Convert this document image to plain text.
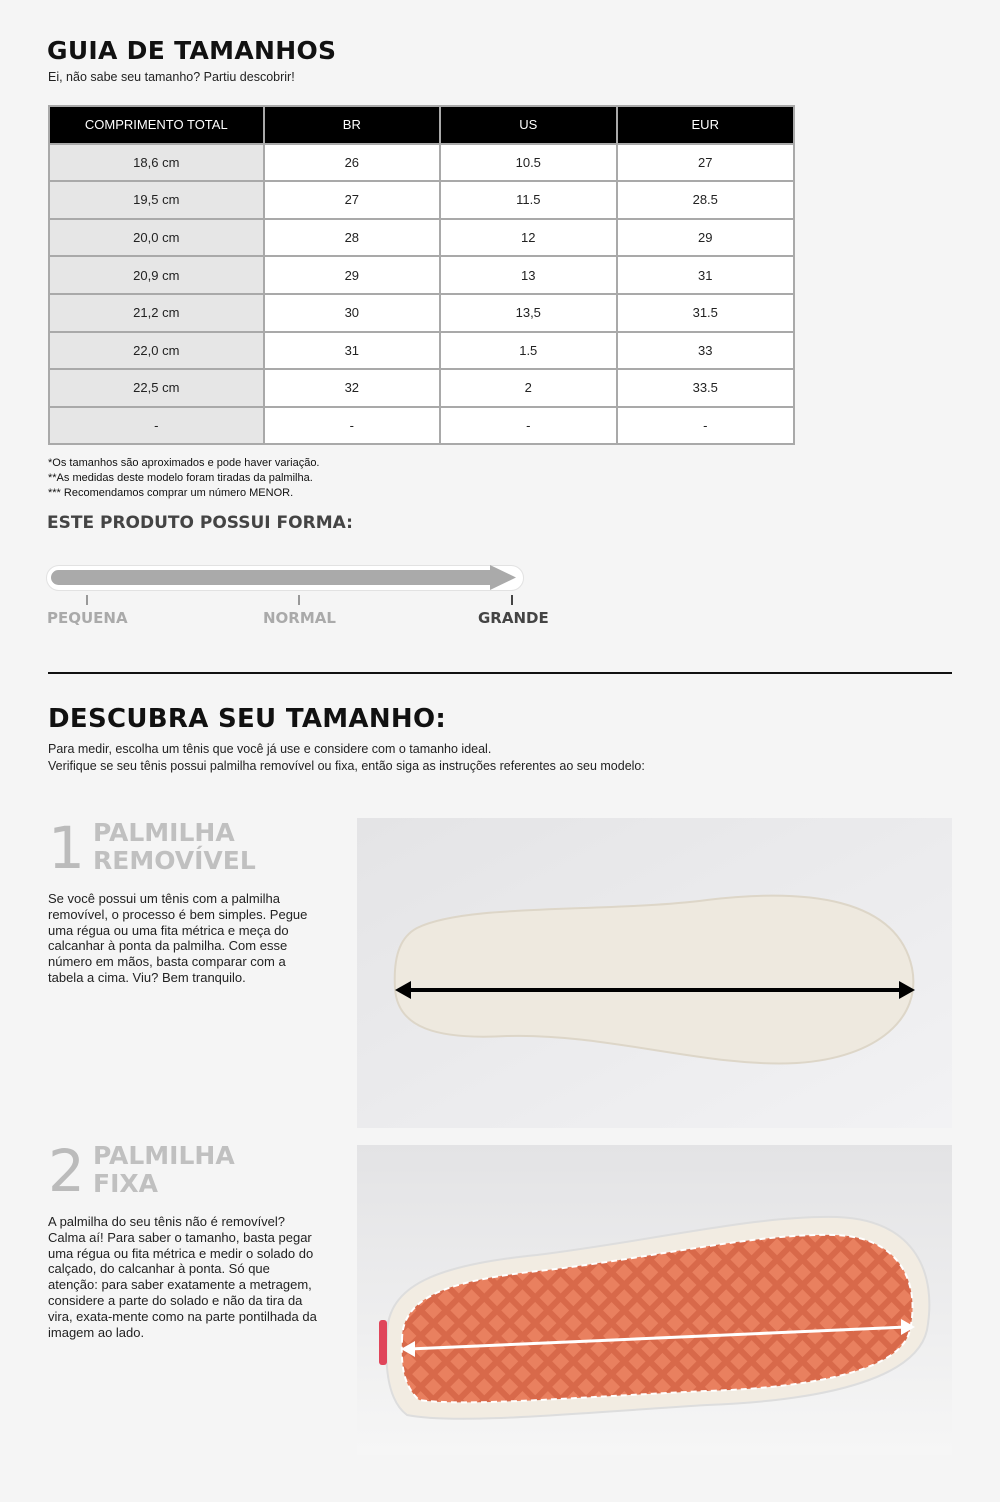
GUIA DE TAMANHOS
Ei, não sabe seu tamanho? Partiu descobrir!
COMPRIMENTO TOTAL	BR	US	EUR
18,6 cm	26	10.5	27
19,5 cm	27	11.5	28.5
20,0 cm	28	12	29
20,9 cm	29	13	31
21,2 cm	30	13,5	31.5
22,0 cm	31	1.5	33
22,5 cm	32	2	33.5
-	-	-	-
*Os tamanhos são aproximados e pode haver variação.
**As medidas deste modelo foram tiradas da palmilha.
*** Recomendamos comprar um número MENOR.
ESTE PRODUTO POSSUI FORMA:
PEQUENA	NORMAL	GRANDE
DESCUBRA SEU TAMANHO:
Para medir, escolha um tênis que você já use e considere com o tamanho ideal.
Verifique se seu tênis possui palmilha removível ou fixa, então siga as instruções referentes ao seu modelo:
1 PALMILHA
REMOVÍVEL
Se você possui um tênis com a palmilha removível, o processo é bem simples. Pegue uma régua ou uma fita métrica e meça do calcanhar à ponta da palmilha. Com esse número em mãos, basta comparar com a tabela a cima. Viu? Bem tranquilo.
2 PALMILHA
FIXA
A palmilha do seu tênis não é removível? Calma aí! Para saber o tamanho, basta pegar uma régua ou fita métrica e medir o solado do calçado, do calcanhar à ponta. Só que atenção: para saber exatamente a metragem, considere a parte do solado e não da tira da vira, exata-mente como na parte pontilhada da imagem ao lado.
